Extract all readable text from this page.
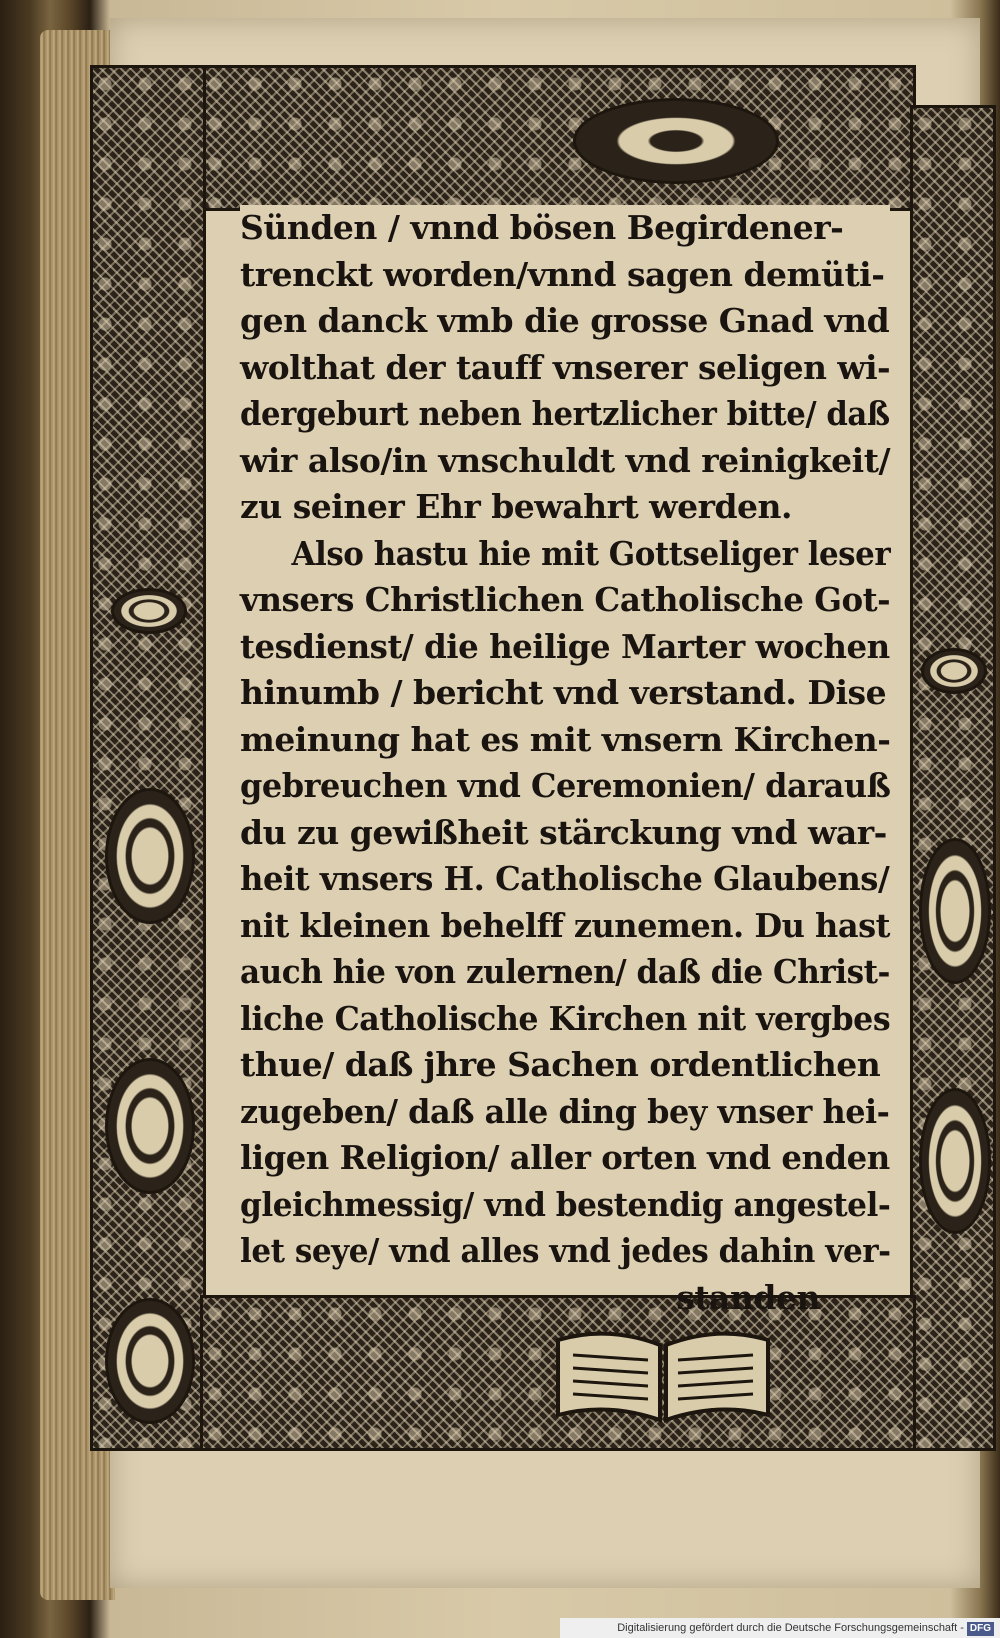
Sünden / vnnd bösen Begirdener-
trenckt worden/vnnd sagen demüti-
gen danck vmb die grosse Gnad vnd
wolthat der tauff vnserer seligen wi-
dergeburt neben hertzlicher bitte/ daß
wir also/in vnschuldt vnd reinigkeit/
zu seiner Ehr bewahrt werden.
Also hastu hie mit Gottseliger leser
vnsers Christlichen Catholische Got-
tesdienst/ die heilige Marter wochen
hinumb / bericht vnd verstand. Dise
meinung hat es mit vnsern Kirchen-
gebreuchen vnd Ceremonien/ darauß
du zu gewißheit stärckung vnd war-
heit vnsers H. Catholische Glaubens/
nit kleinen behelff zunemen. Du hast
auch hie von zulernen/ daß die Christ-
liche Catholische Kirchen nit vergbes
thue/ daß jhre Sachen ordentlichen
zugeben/ daß alle ding bey vnser hei-
ligen Religion/ aller orten vnd enden
gleichmessig/ vnd bestendig angestel-
let seye/ vnd alles vnd jedes dahin ver-
standen
Digitalisierung gefördert durch die Deutsche Forschungsgemeinschaft - DFG
